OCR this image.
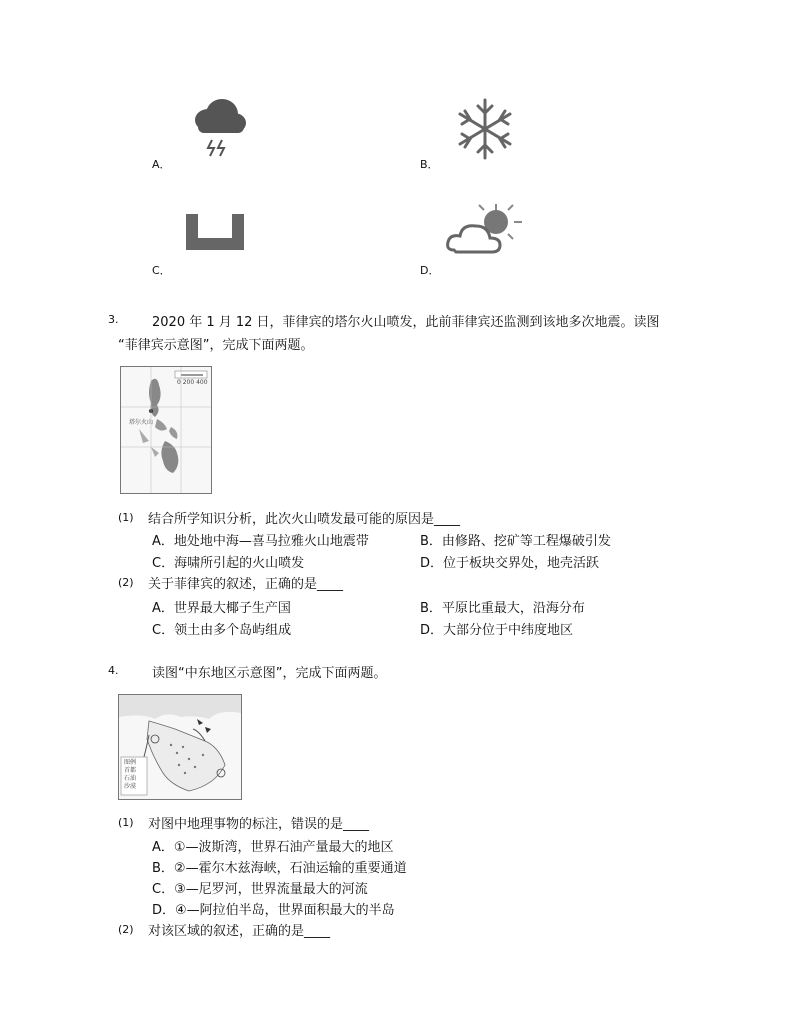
A．	B．
C．	D．
3.	2020 年 1 月 12 日，菲律宾的塔尔火山喷发，此前菲律宾还监测到该地多次地震。读图
“菲律宾示意图”，完成下面两题。
塔尔火山
0 200 400
(1) 结合所学知识分析，此次火山喷发最可能的原因是____
A．地处地中海—喜马拉雅火山地震带	B．由修路、挖矿等工程爆破引发
C．海啸所引起的火山喷发	D．位于板块交界处，地壳活跃
(2) 关于菲律宾的叙述，正确的是____
A．世界最大椰子生产国	B．平原比重最大，沿海分布
C．领土由多个岛屿组成	D．大部分位于中纬度地区
4.	读图“中东地区示意图”，完成下面两题。
图例
首都
石油
沙漠
(1) 对图中地理事物的标注，错误的是____
A．①—波斯湾，世界石油产量最大的地区
B．②—霍尔木兹海峡，石油运输的重要通道
C．③—尼罗河，世界流量最大的河流
D．④—阿拉伯半岛，世界面积最大的半岛
(2) 对该区域的叙述，正确的是____
